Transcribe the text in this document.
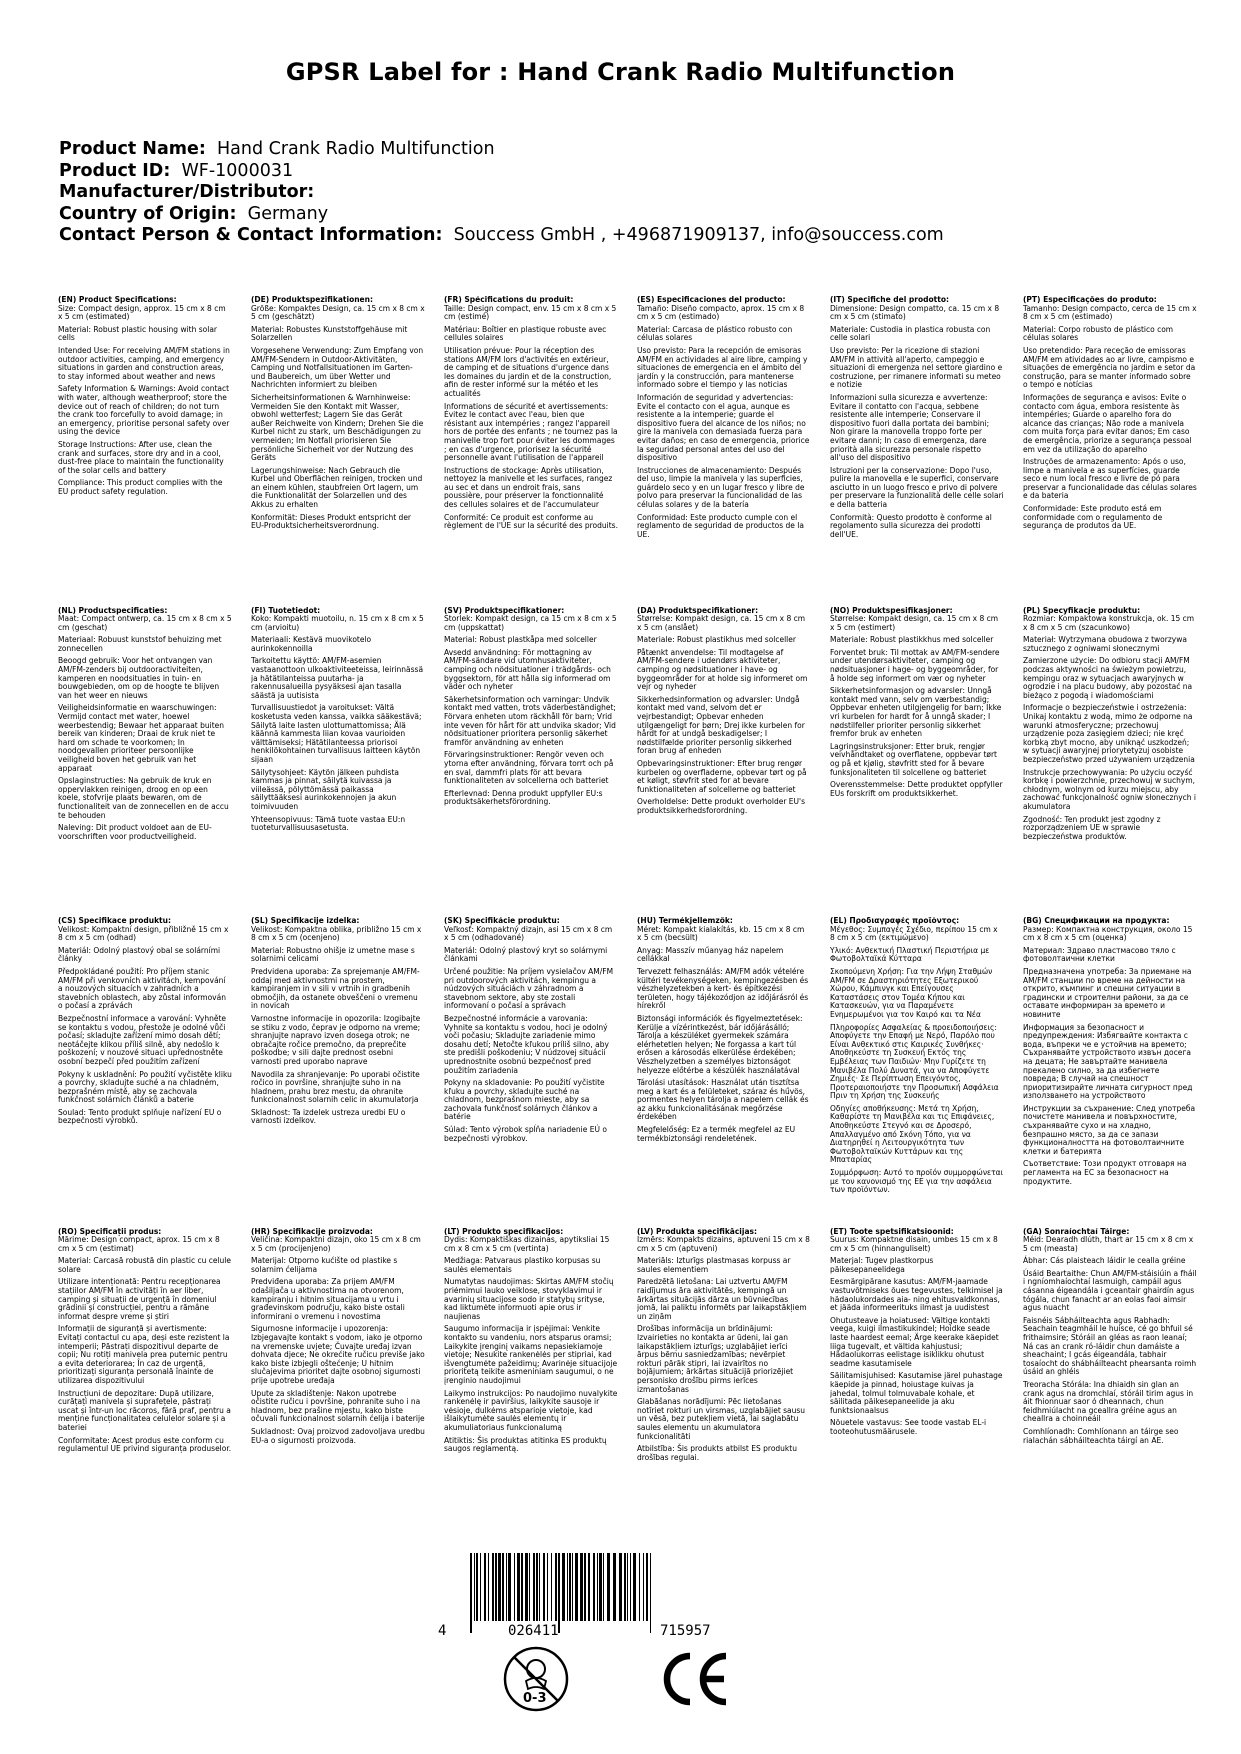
GPSR Label for : Hand Crank Radio Multifunction
Product Name: Hand Crank Radio Multifunction
Product ID: WF-1000031
Manufacturer/Distributor:
Country of Origin: Germany
Contact Person & Contact Information: Souccess GmbH , +496871909137, info@souccess.com
(EN) Product Specifications:

Size: Compact design, approx. 15 cm x 8 cm x 5 cm (estimated)

Material: Robust plastic housing with solar cells

Intended Use: For receiving AM/FM stations in outdoor activities, camping, and emergency situations in garden and construction areas, to stay informed about weather and news

Safety Information & Warnings: Avoid contact with water, although weatherproof; store the device out of reach of children; do not turn the crank too forcefully to avoid damage; in an emergency, prioritise personal safety over using the device

Storage Instructions: After use, clean the crank and surfaces, store dry and in a cool, dust-free place to maintain the functionality of the solar cells and battery

Compliance: This product complies with the EU product safety regulation.

(DE) Produktspezifikationen:

Größe: Kompaktes Design, ca. 15 cm x 8 cm x 5 cm (geschätzt)

Material: Robustes Kunststoffgehäuse mit Solarzellen

Vorgesehene Verwendung: Zum Empfang von AM/FM-Sendern in Outdoor-Aktivitäten, Camping und Notfallsituationen im Garten- und Baubereich, um über Wetter und Nachrichten informiert zu bleiben

Sicherheitsinformationen & Warnhinweise: Vermeiden Sie den Kontakt mit Wasser, obwohl wetterfest; Lagern Sie das Gerät außer Reichweite von Kindern; Drehen Sie die Kurbel nicht zu stark, um Beschädigungen zu vermeiden; Im Notfall priorisieren Sie persönliche Sicherheit vor der Nutzung des Geräts

Lagerungshinweise: Nach Gebrauch die Kurbel und Oberflächen reinigen, trocken und an einem kühlen, staubfreien Ort lagern, um die Funktionalität der Solarzellen und des Akkus zu erhalten

Konformität: Dieses Produkt entspricht der EU-Produktsicherheitsverordnung.

(FR) Spécifications du produit:

Taille: Design compact, env. 15 cm x 8 cm x 5 cm (estimé)

Matériau: Boîtier en plastique robuste avec cellules solaires

Utilisation prévue: Pour la réception des stations AM/FM lors d'activités en extérieur, de camping et de situations d'urgence dans les domaines du jardin et de la construction, afin de rester informé sur la météo et les actualités

Informations de sécurité et avertissements: Évitez le contact avec l'eau, bien que résistant aux intempéries ; rangez l'appareil hors de portée des enfants ; ne tournez pas la manivelle trop fort pour éviter les dommages ; en cas d'urgence, priorisez la sécurité personnelle avant l'utilisation de l'appareil

Instructions de stockage: Après utilisation, nettoyez la manivelle et les surfaces, rangez au sec et dans un endroit frais, sans poussière, pour préserver la fonctionnalité des cellules solaires et de l'accumulateur

Conformité: Ce produit est conforme au règlement de l'UE sur la sécurité des produits.

(ES) Especificaciones del producto:

Tamaño: Diseño compacto, aprox. 15 cm x 8 cm x 5 cm (estimado)

Material: Carcasa de plástico robusto con células solares

Uso previsto: Para la recepción de emisoras AM/FM en actividades al aire libre, camping y situaciones de emergencia en el ámbito del jardín y la construcción, para mantenerse informado sobre el tiempo y las noticias

Información de seguridad y advertencias: Evite el contacto con el agua, aunque es resistente a la intemperie; guarde el dispositivo fuera del alcance de los niños; no gire la manivela con demasiada fuerza para evitar daños; en caso de emergencia, priorice la seguridad personal antes del uso del dispositivo

Instrucciones de almacenamiento: Después del uso, limpie la manivela y las superficies, guárdelo seco y en un lugar fresco y libre de polvo para preservar la funcionalidad de las células solares y de la batería

Conformidad: Este producto cumple con el reglamento de seguridad de productos de la UE.

(IT) Specifiche del prodotto:

Dimensione: Design compatto, ca. 15 cm x 8 cm x 5 cm (stimato)

Materiale: Custodia in plastica robusta con celle solari

Uso previsto: Per la ricezione di stazioni AM/FM in attività all'aperto, campeggio e situazioni di emergenza nel settore giardino e costruzione, per rimanere informati su meteo e notizie

Informazioni sulla sicurezza e avvertenze: Evitare il contatto con l'acqua, sebbene resistente alle intemperie; Conservare il dispositivo fuori dalla portata dei bambini; Non girare la manovella troppo forte per evitare danni; In caso di emergenza, dare priorità alla sicurezza personale rispetto all'uso del dispositivo

Istruzioni per la conservazione: Dopo l'uso, pulire la manovella e le superfici, conservare asciutto in un luogo fresco e privo di polvere per preservare la funzionalità delle celle solari e della batteria

Conformità: Questo prodotto è conforme al regolamento sulla sicurezza dei prodotti dell'UE.

(PT) Especificações do produto:

Tamanho: Design compacto, cerca de 15 cm x 8 cm x 5 cm (estimado)

Material: Corpo robusto de plástico com células solares

Uso pretendido: Para receção de emissoras AM/FM em atividades ao ar livre, campismo e situações de emergência no jardim e setor da construção, para se manter informado sobre o tempo e notícias

Informações de segurança e avisos: Evite o contacto com água, embora resistente às intempéries; Guarde o aparelho fora do alcance das crianças; Não rode a manivela com muita força para evitar danos; Em caso de emergência, priorize a segurança pessoal em vez da utilização do aparelho

Instruções de armazenamento: Após o uso, limpe a manivela e as superfícies, guarde seco e num local fresco e livre de pó para preservar a funcionalidade das células solares e da bateria

Conformidade: Este produto está em conformidade com o regulamento de segurança de produtos da UE.

(NL) Productspecificaties:

Maat: Compact ontwerp, ca. 15 cm x 8 cm x 5 cm (geschat)

Materiaal: Robuust kunststof behuizing met zonnecellen

Beoogd gebruik: Voor het ontvangen van AM/FM-zenders bij outdooractiviteiten, kamperen en noodsituaties in tuin- en bouwgebieden, om op de hoogte te blijven van het weer en nieuws

Veiligheidsinformatie en waarschuwingen: Vermijd contact met water, hoewel weerbestendig; Bewaar het apparaat buiten bereik van kinderen; Draai de kruk niet te hard om schade te voorkomen; In noodgevallen prioriteer persoonlijke veiligheid boven het gebruik van het apparaat

Opslaginstructies: Na gebruik de kruk en oppervlakken reinigen, droog en op een koele, stofvrije plaats bewaren, om de functionaliteit van de zonnecellen en de accu te behouden

Naleving: Dit product voldoet aan de EU-voorschriften voor productveiligheid.

(FI) Tuotetiedot:

Koko: Kompakti muotoilu, n. 15 cm x 8 cm x 5 cm (arvioitu)

Materiaali: Kestävä muovikotelo aurinkokennoilla

Tarkoitettu käyttö: AM/FM-asemien vastaanottoon ulkoaktiviteeteissa, leirinnässä ja hätätilanteissa puutarha- ja rakennusalueilla pysyäksesi ajan tasalla säästä ja uutisista

Turvallisuustiedot ja varoitukset: Vältä kosketusta veden kanssa, vaikka sääkestävä; Säilytä laite lasten ulottumattomissa; Älä käännä kammesta liian kovaa vaurioiden välttämiseksi; Hätätilanteessa priorisoi henkilökohtainen turvallisuus laitteen käytön sijaan

Säilytysohjeet: Käytön jälkeen puhdista kammas ja pinnat, säilytä kuivassa ja viileässä, pölyttömässä paikassa säilyttääksesi aurinkokennojen ja akun toimivuuden

Yhteensopivuus: Tämä tuote vastaa EU:n tuoteturvallisuusasetusta.

(SV) Produktspecifikationer:

Storlek: Kompakt design, ca 15 cm x 8 cm x 5 cm (uppskattat)

Material: Robust plastkåpa med solceller

Avsedd användning: För mottagning av AM/FM-sändare vid utomhusaktiviteter, camping och nödsituationer i trädgårds- och byggsektorn, för att hålla sig informerad om väder och nyheter

Säkerhetsinformation och varningar: Undvik kontakt med vatten, trots väderbeständighet; Förvara enheten utom räckhåll för barn; Vrid inte veven för hårt för att undvika skador; Vid nödsituationer prioritera personlig säkerhet framför användning av enheten

Förvaringsinstruktioner: Rengör veven och ytorna efter användning, förvara torrt och på en sval, dammfri plats för att bevara funktionaliteten av solcellerna och batteriet

Efterlevnad: Denna produkt uppfyller EU:s produktsäkerhetsförordning.

(DA) Produktspecifikationer:

Størrelse: Kompakt design, ca. 15 cm x 8 cm x 5 cm (anslået)

Materiale: Robust plastikhus med solceller

Påtænkt anvendelse: Til modtagelse af AM/FM-sendere i udendørs aktiviteter, camping og nødsituationer i have- og byggeområder for at holde sig informeret om vejr og nyheder

Sikkerhedsinformation og advarsler: Undgå kontakt med vand, selvom det er vejrbestandigt; Opbevar enheden utilgængeligt for børn; Drej ikke kurbelen for hårdt for at undgå beskadigelser; I nødstilfælde prioriter personlig sikkerhed foran brug af enheden

Opbevaringsinstruktioner: Efter brug rengør kurbelen og overfladerne, opbevar tørt og på et køligt, støvfrit sted for at bevare funktionaliteten af solcellerne og batteriet

Overholdelse: Dette produkt overholder EU's produktsikkerhedsforordning.

(NO) Produktspesifikasjoner:

Størrelse: Kompakt design, ca. 15 cm x 8 cm x 5 cm (estimert)

Materiale: Robust plastikkhus med solceller

Forventet bruk: Til mottak av AM/FM-sendere under utendørsaktiviteter, camping og nødsituasjoner i hage- og byggeområder, for å holde seg informert om vær og nyheter

Sikkerhetsinformasjon og advarsler: Unngå kontakt med vann, selv om værbestandig; Oppbevar enheten utilgjengelig for barn; Ikke vri kurbelen for hardt for å unngå skader; I nødstilfeller prioriter personlig sikkerhet fremfor bruk av enheten

Lagringsinstruksjoner: Etter bruk, rengjør veivhåndtaket og overflatene, oppbevar tørt og på et kjølig, støvfritt sted for å bevare funksjonaliteten til solcellene og batteriet

Overensstemmelse: Dette produktet oppfyller EUs forskrift om produktsikkerhet.

(PL) Specyfikacje produktu:

Rozmiar: Kompaktowa konstrukcja, ok. 15 cm x 8 cm x 5 cm (szacunkowo)

Materiał: Wytrzymana obudowa z tworzywa sztucznego z ogniwami słonecznymi

Zamierzone użycie: Do odbioru stacji AM/FM podczas aktywności na świeżym powietrzu, kempingu oraz w sytuacjach awaryjnych w ogrodzie i na placu budowy, aby pozostać na bieżąco z pogodą i wiadomościami

Informacje o bezpieczeństwie i ostrzeżenia: Unikaj kontaktu z wodą, mimo że odporne na warunki atmosferyczne; przechowuj urządzenie poza zasięgiem dzieci; nie kręć korbką zbyt mocno, aby uniknąć uszkodzeń; w sytuacji awaryjnej priorytetyzuj osobiste bezpieczeństwo przed używaniem urządzenia

Instrukcje przechowywania: Po użyciu oczyść korbkę i powierzchnie, przechowuj w suchym, chłodnym, wolnym od kurzu miejscu, aby zachować funkcjonalność ogniw słonecznych i akumulatora

Zgodność: Ten produkt jest zgodny z rozporządzeniem UE w sprawie bezpieczeństwa produktów.

(CS) Specifikace produktu:

Velikost: Kompaktní design, přibližně 15 cm x 8 cm x 5 cm (odhad)

Materiál: Odolný plastový obal se solárními články

Předpokládané použití: Pro příjem stanic AM/FM při venkovních aktivitách, kempování a nouzových situacích v zahradních a stavebních oblastech, aby zůstal informován o počasí a zprávách

Bezpečnostní informace a varování: Vyhněte se kontaktu s vodou, přestože je odolné vůči počasí; skladujte zařízení mimo dosah dětí; neotáčejte klikou příliš silně, aby nedošlo k poškození; v nouzové situaci upřednostněte osobní bezpečí před použitím zařízení

Pokyny k uskladnění: Po použití vyčistěte kliku a povrchy, skladujte suché a na chladném, bezprašném místě, aby se zachovala funkčnost solárních článků a baterie

Soulad: Tento produkt splňuje nařízení EU o bezpečnosti výrobků.

(SL) Specifikacije izdelka:

Velikost: Kompaktna oblika, približno 15 cm x 8 cm x 5 cm (ocenjeno)

Material: Robustno ohišje iz umetne mase s solarnimi celicami

Predvidena uporaba: Za sprejemanje AM/FM-oddaj med aktivnostmi na prostem, kampiranjem in v sili v vrtnih in gradbenih območjih, da ostanete obveščeni o vremenu in novicah

Varnostne informacije in opozorila: Izogibajte se stiku z vodo, čeprav je odporno na vreme; shranjujte napravo izven dosega otrok; ne obračajte ročice premočno, da preprečite poškodbe; v sili dajte prednost osebni varnosti pred uporabo naprave

Navodila za shranjevanje: Po uporabi očistite ročico in površine, shranjujte suho in na hladnem, prahu brez mestu, da ohranite funkcionalnost solarnih celic in akumulatorja

Skladnost: Ta izdelek ustreza uredbi EU o varnosti izdelkov.

(SK) Špecifikácie produktu:

Veľkosť: Kompaktný dizajn, asi 15 cm x 8 cm x 5 cm (odhadované)

Materiál: Odolný plastový kryt so solárnymi článkami

Určené použitie: Na príjem vysielačov AM/FM pri outdoorových aktivitách, kempingu a núdzových situáciách v záhradnom a stavebnom sektore, aby ste zostali informovaní o počasí a správach

Bezpečnostné informácie a varovania: Vyhnite sa kontaktu s vodou, hoci je odolný voči počasiu; Skladujte zariadenie mimo dosahu detí; Netočte kľukou príliš silno, aby ste predišli poškodeniu; V núdzovej situácii uprednostnite osobnú bezpečnosť pred použitím zariadenia

Pokyny na skladovanie: Po použití vyčistite kľuku a povrchy, skladujte suché na chladnom, bezprašnom mieste, aby sa zachovala funkčnosť solárnych článkov a batérie

Súlad: Tento výrobok spĺňa nariadenie EÚ o bezpečnosti výrobkov.

(HU) Termékjellemzők:

Méret: Kompakt kialakítás, kb. 15 cm x 8 cm x 5 cm (becsült)

Anyag: Masszív műanyag ház napelem cellákkal

Tervezett felhasználás: AM/FM adók vételére kültéri tevékenységeken, kempingezésben és vészhelyzetekben a kert- és építkezési területen, hogy tájékozódjon az időjárásról és hírekről

Biztonsági információk és figyelmeztetések: Kerülje a vízérintkezést, bár időjárásálló; Tárolja a készüléket gyermekek számára elérhetetlen helyen; Ne forgassa a kart túl erősen a károsodás elkerülése érdekében; Vészhelyzetben a személyes biztonságot helyezze előtérbe a készülék használatával

Tárolási utasítások: Használat után tisztítsa meg a kart és a felületeket, száraz és hűvös, pormentes helyen tárolja a napelem cellák és az akku funkcionalitásának megőrzése érdekében

Megfelelőség: Ez a termék megfelel az EU termékbiztonsági rendeletének.

(EL) Προδιαγραφές προϊόντος:

Μέγεθος: Συμπαγές Σχέδιο, περίπου 15 cm x 8 cm x 5 cm (εκτιμώμενο)

Υλικό: Ανθεκτική Πλαστική Περιστήρια με Φωτοβολταϊκά Κύτταρα

Σκοπούμενη Χρήση: Για την Λήψη Σταθμών AM/FM σε Δραστηριότητες Εξωτερικού Χώρου, Κάμπινγκ και Επείγουσες Καταστάσεις στον Τομέα Κήπου και Κατασκευών, για να Παραμένετε Ενημερωμένοι για τον Καιρό και τα Νέα

Πληροφορίες Ασφαλείας & προειδοποιήσεις: Αποφύγετε την Επαφή με Νερό, Παρόλο που Είναι Ανθεκτικό στις Καιρικές Συνθήκες· Αποθηκεύστε τη Συσκευή Εκτός της Εμβέλειας των Παιδιών· Μην Γυρίζετε τη Μανιβέλα Πολύ Δυνατά, για να Αποφύγετε Ζημιές· Σε Περίπτωση Επειγόντος, Προτεραιοποιήστε την Προσωπική Ασφάλεια Πριν τη Χρήση της Συσκευής

Οδηγίες αποθήκευσης: Μετά τη Χρήση, Καθαρίστε τη Μανιβέλα και τις Επιφάνειες, Αποθηκεύστε Στεγνό και σε Δροσερό, Απαλλαγμένο από Σκόνη Τόπο, για να Διατηρηθεί η Λειτουργικότητα των Φωτοβολταϊκών Κυττάρων και της Μπαταρίας

Συμμόρφωση: Αυτό το προϊόν συμμορφώνεται με τον κανονισμό της ΕΕ για την ασφάλεια των προϊόντων.

(BG) Спецификации на продукта:

Размер: Компактна конструкция, около 15 cm x 8 cm x 5 cm (оценка)

Материал: Здраво пластмасово тяло с фотоволтаични клетки

Предназначена употреба: За приемане на AM/FM станции по време на дейности на открито, къмпинг и спешни ситуации в градински и строителни райони, за да се оставате информиран за времето и новините

Информация за безопасност и предупреждения: Избягвайте контакта с вода, въпреки че е устойчив на времето; Съхранявайте устройството извън досега на децата; Не завъртайте манивела прекалено силно, за да избегнете повреда; В случай на спешност приоритизирайте личната сигурност пред използването на устройството

Инструкции за съхранение: След употреба почистете манивела и повърхностите, съхранявайте сухо и на хладно, безпрашно място, за да се запази функционалността на фотоволтаичните клетки и батерията

Съответствие: Този продукт отговаря на регламента на ЕС за безопасност на продуктите.

(RO) Specificații produs:

Mărime: Design compact, aprox. 15 cm x 8 cm x 5 cm (estimat)

Material: Carcasă robustă din plastic cu celule solare

Utilizare intenționată: Pentru recepționarea stațiilor AM/FM în activități în aer liber, camping și situații de urgență în domeniul grădinii și construcției, pentru a rămâne informat despre vreme și știri

Informații de siguranță și avertismente: Evitați contactul cu apa, deși este rezistent la intemperii; Păstrați dispozitivul departe de copii; Nu rotiți manivela prea puternic pentru a evita deteriorarea; În caz de urgență, prioritizați siguranța personală înainte de utilizarea dispozitivului

Instrucțiuni de depozitare: După utilizare, curățați manivela și suprafețele, păstrați uscat și într-un loc răcoros, fără praf, pentru a menține funcționalitatea celulelor solare și a bateriei

Conformitate: Acest produs este conform cu regulamentul UE privind siguranța produselor.

(HR) Specifikacije proizvoda:

Veličina: Kompaktni dizajn, oko 15 cm x 8 cm x 5 cm (procijenjeno)

Materijal: Otporno kućište od plastike s solarnim ćelijama

Predviđena uporaba: Za prijem AM/FM odašiljača u aktivnostima na otvorenom, kampiranju i hitnim situacijama u vrtu i građevinskom području, kako biste ostali informirani o vremenu i novostima

Sigurnosne informacije i upozorenja: Izbjegavajte kontakt s vodom, iako je otporno na vremenske uvjete; Čuvajte uređaj izvan dohvata djece; Ne okrećite ručicu previše jako kako biste izbjegli oštećenje; U hitnim slučajevima prioritet dajte osobnoj sigurnosti prije upotrebe uređaja

Upute za skladištenje: Nakon upotrebe očistite ručicu i površine, pohranite suho i na hladnom, bez prašine mjestu, kako biste očuvali funkcionalnost solarnih ćelija i baterije

Sukladnost: Ovaj proizvod zadovoljava uredbu EU-a o sigurnosti proizvoda.

(LT) Produkto specifikacijos:

Dydis: Kompaktiškas dizainas, apytiksliai 15 cm x 8 cm x 5 cm (vertinta)

Medžiaga: Patvaraus plastiko korpusas su saulės elementais

Numatytas naudojimas: Skirtas AM/FM stočių priėmimui lauko veiklose, stovyklavimui ir avarinių situacijose sodo ir statybų srityse, kad liktumėte informuoti apie orus ir naujienas

Saugumo informacija ir įspėjimai: Venkite kontakto su vandeniu, nors atsparus oramsi; Laikykite įrenginį vaikams nepasiekiamoje vietoje; Nesukite rankenėlės per stipriai, kad išvengtumėte pažeidimų; Avarinėje situacijoje prioritetą teikite asmeniniam saugumui, o ne įrenginio naudojimui

Laikymo instrukcijos: Po naudojimo nuvalykite rankenėlę ir paviršius, laikykite sausoje ir vėsioje, dulkėms atsparioje vietoje, kad išlaikytumėte saulės elementų ir akumuliatoriaus funkcionalumą

Atitiktis: Šis produktas atitinka ES produktų saugos reglamentą.

(LV) Produkta specifikācijas:

Izmērs: Kompakts dizains, aptuveni 15 cm x 8 cm x 5 cm (aptuveni)

Materiāls: Izturīgs plastmasas korpuss ar saules elementiem

Paredzētā lietošana: Lai uztvertu AM/FM raidījumus āra aktivitātēs, kempingā un ārkārtas situācijās dārza un būvniecības jomā, lai paliktu informēts par laikapstākļiem un ziņām

Drošības informācija un brīdinājumi: Izvairieties no kontakta ar ūdeni, lai gan laikapstākļiem izturīgs; uzglabājiet ierīci ārpus bērnu sasniedzamības; nevērpiet rokturi pārāk stipri, lai izvairītos no bojājumiem; ārkārtas situācijā priorizējiet personisko drošību pirms ierīces izmantošanas

Glabāšanas norādījumi: Pēc lietošanas notīriet rokturi un virsmas, uzglabājiet sausu un vēsā, bez putekļiem vietā, lai saglabātu saules elementu un akumulatora funkcionalitāti

Atbilstība: Šis produkts atbilst ES produktu drošības regulai.

(ET) Toote spetsifikatsioonid:

Suurus: Kompaktne disain, umbes 15 cm x 8 cm x 5 cm (hinnanguliselt)

Materjal: Tugev plastkorpus päikesepaneelidega

Eesmärgipärane kasutus: AM/FM-jaamade vastuvõtmiseks õues tegevustes, telkimisel ja hädaolukordades aia- ning ehitusvaldkonnas, et jääda informeerituks ilmast ja uudistest

Ohutusteave ja hoiatused: Vältige kontakti veega, kuigi ilmastikukindel; Hoidke seade laste haardest eemal; Ärge keerake käepidet liiga tugevalt, et vältida kahjustusi; Hädaolukorras eelistage isiklikku ohutust seadme kasutamisele

Säilitamisjuhised: Kasutamise järel puhastage käepide ja pinnad, hoiustage kuivas ja jahedal, tolmul tolmuvabale kohale, et säilitada päikesepaneelide ja aku funktsionaalsus

Nõuetele vastavus: See toode vastab EL-i tooteohutusmäärusele.

(GA) Sonraíochtaí Táirge:

Méid: Dearadh dlúth, thart ar 15 cm x 8 cm x 5 cm (measta)

Ábhar: Cás plaisteach láidir le cealla gréine

Úsáid Beartaithe: Chun AM/FM-stáisiúin a fháil i ngníomhaíochtaí lasmuigh, campáil agus cásanna éigeandála i gceantair ghairdín agus tógála, chun fanacht ar an eolas faoi aimsir agus nuacht

Faisnéis Sábháilteachta agus Rabhadh: Seachain teagmháil le huisce, cé go bhfuil sé frithaimsire; Stóráil an gléas as raon leanaí; Ná cas an crank ró-láidir chun damáiste a sheachaint; I gcás éigeandála, tabhair tosaíocht do shábháilteacht phearsanta roimh úsáid an ghléis

Treoracha Stórála: Ina dhiaidh sin glan an crank agus na dromchlaí, stóráil tirim agus in áit fhionnuar saor ó dheannach, chun feidhmiúlacht na gceallra gréine agus an cheallra a choinneáil

Comhlíonadh: Comhlíonann an táirge seo rialachán sábháilteachta táirgí an AE.

4	026411	715957
0-3
